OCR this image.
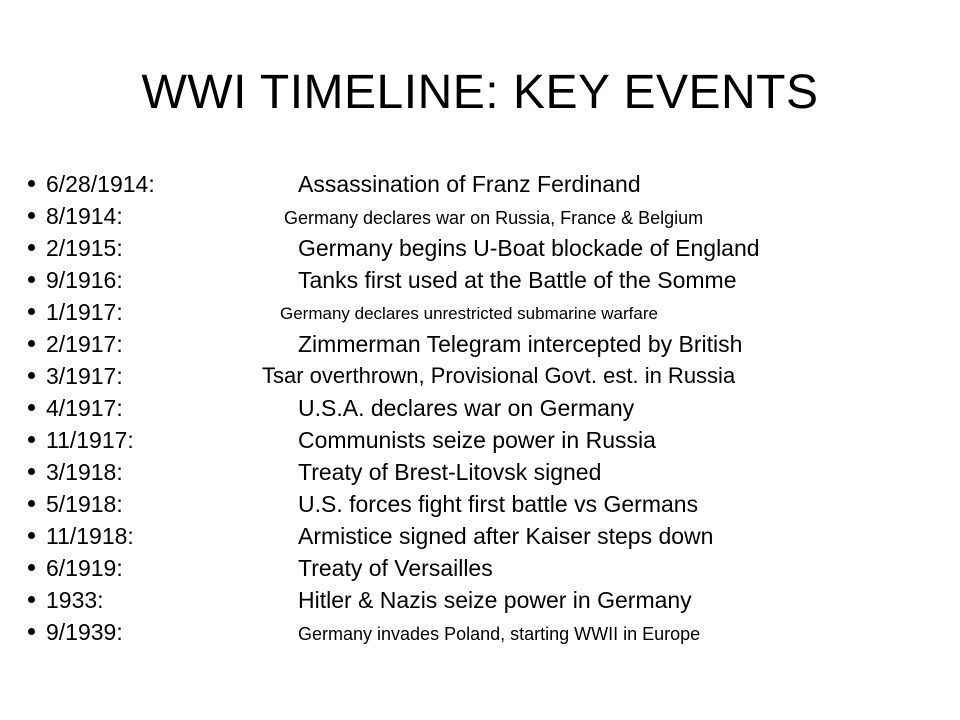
WWI TIMELINE: KEY EVENTS
6/28/1914:	Assassination of Franz Ferdinand
8/1914:	Germany declares war on Russia, France & Belgium
2/1915:	Germany begins U-Boat blockade of England
9/1916:	Tanks first used at the Battle of the Somme
1/1917:	Germany declares unrestricted submarine warfare
2/1917:	Zimmerman Telegram intercepted by British
3/1917:	Tsar overthrown, Provisional Govt. est. in Russia
4/1917:	U.S.A. declares war on Germany
11/1917:	Communists seize power in Russia
3/1918:	Treaty of Brest-Litovsk signed
5/1918:	U.S. forces fight first battle vs Germans
11/1918:	Armistice signed after Kaiser steps down
6/1919:	Treaty of Versailles
1933:	Hitler & Nazis seize power in Germany
9/1939:	Germany invades Poland, starting WWII in Europe
